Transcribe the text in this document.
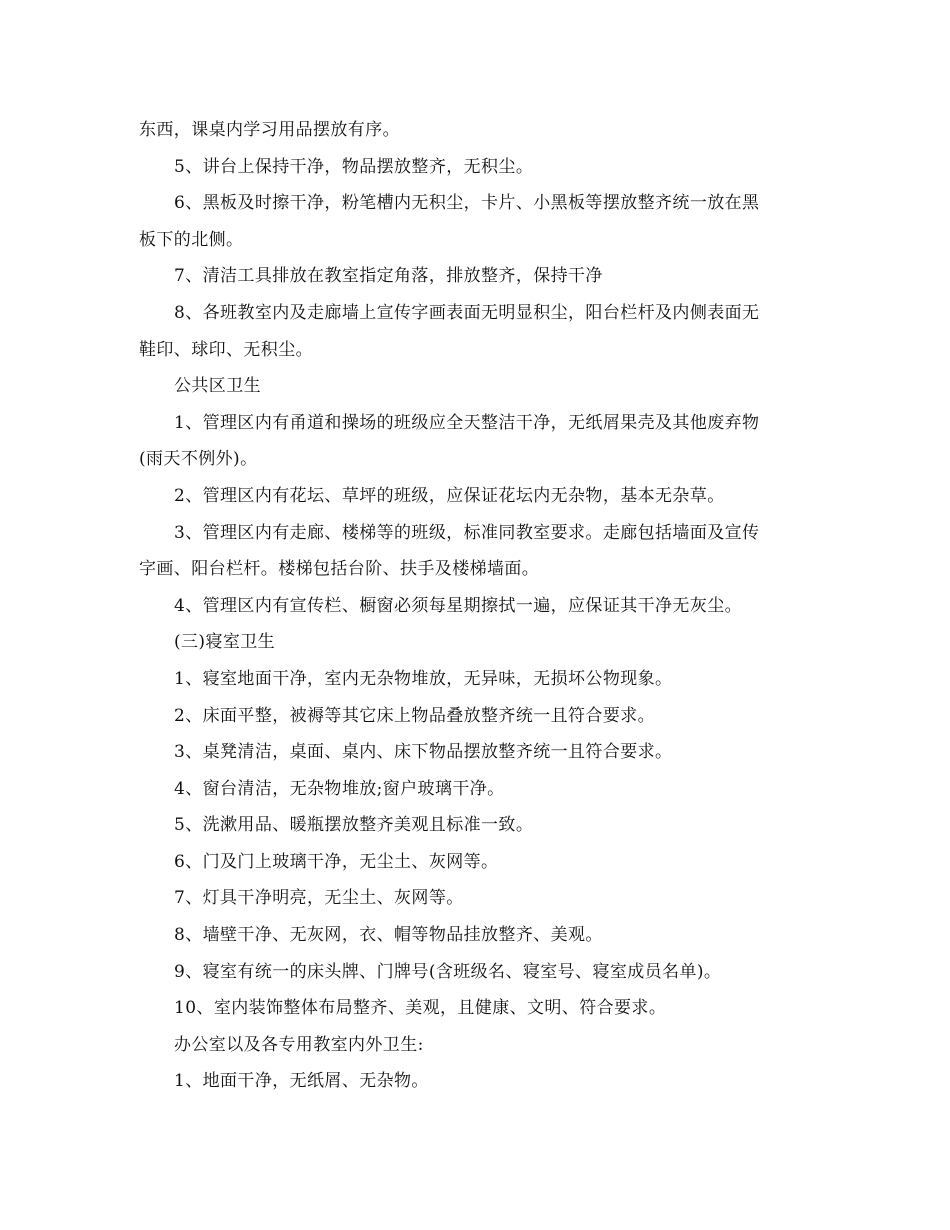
东西，课桌内学习用品摆放有序。
5、讲台上保持干净，物品摆放整齐，无积尘。
6、黑板及时擦干净，粉笔槽内无积尘，卡片、小黑板等摆放整齐统一放在黑
板下的北侧。
7、清洁工具排放在教室指定角落，排放整齐，保持干净
8、各班教室内及走廊墙上宣传字画表面无明显积尘，阳台栏杆及内侧表面无
鞋印、球印、无积尘。
公共区卫生
1、管理区内有甬道和操场的班级应全天整洁干净，无纸屑果壳及其他废弃物
(雨天不例外)。
2、管理区内有花坛、草坪的班级，应保证花坛内无杂物，基本无杂草。
3、管理区内有走廊、楼梯等的班级，标准同教室要求。走廊包括墙面及宣传
字画、阳台栏杆。楼梯包括台阶、扶手及楼梯墙面。
4、管理区内有宣传栏、橱窗必须每星期擦拭一遍，应保证其干净无灰尘。
(三)寝室卫生
1、寝室地面干净，室内无杂物堆放，无异味，无损坏公物现象。
2、床面平整，被褥等其它床上物品叠放整齐统一且符合要求。
3、桌凳清洁，桌面、桌内、床下物品摆放整齐统一且符合要求。
4、窗台清洁，无杂物堆放;窗户玻璃干净。
5、洗漱用品、暖瓶摆放整齐美观且标准一致。
6、门及门上玻璃干净，无尘土、灰网等。
7、灯具干净明亮，无尘土、灰网等。
8、墙壁干净、无灰网，衣、帽等物品挂放整齐、美观。
9、寝室有统一的床头牌、门牌号(含班级名、寝室号、寝室成员名单)。
10、室内装饰整体布局整齐、美观，且健康、文明、符合要求。
办公室以及各专用教室内外卫生:
1、地面干净，无纸屑、无杂物。
